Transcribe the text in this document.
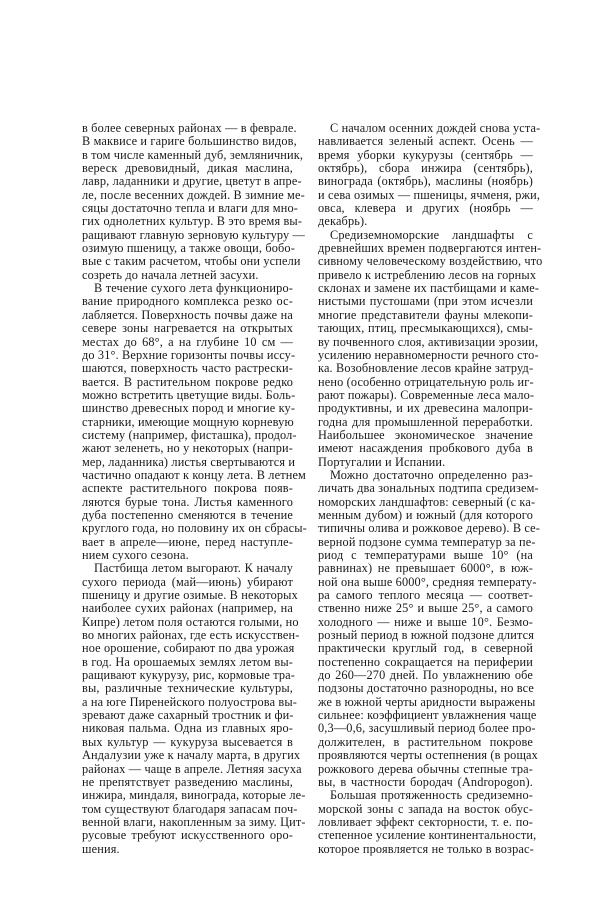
в более северных районах — в феврале.
В маквисе и гариге большинство видов,
в том числе каменный дуб, земляничник,
вереск древовидный, дикая маслина,
лавр, ладанники и другие, цветут в апре-
ле, после весенних дождей. В зимние ме-
сяцы достаточно тепла и влаги для мно-
гих однолетних культур. В это время вы-
ращивают главную зерновую культуру —
озимую пшеницу, а также овощи, бобо-
вые с таким расчетом, чтобы они успели
созреть до начала летней засухи.
В течение сухого лета функциониро-
вание природного комплекса резко ос-
лабляется. Поверхность почвы даже на
севере зоны нагревается на открытых
местах до 68°, а на глубине 10 см —
до 31°. Верхние горизонты почвы иссу-
шаются, поверхность часто растрески-
вается. В растительном покрове редко
можно встретить цветущие виды. Боль-
шинство древесных пород и многие ку-
старники, имеющие мощную корневую
систему (например, фисташка), продол-
жают зеленеть, но у некоторых (напри-
мер, ладанника) листья свертываются и
частично опадают к концу лета. В летнем
аспекте растительного покрова появ-
ляются бурые тона. Листья каменного
дуба постепенно сменяются в течение
круглого года, но половину их он сбрасы-
вает в апреле—июне, перед наступле-
нием сухого сезона.
Пастбища летом выгорают. К началу
сухого периода (май—июнь) убирают
пшеницу и другие озимые. В некоторых
наиболее сухих районах (например, на
Кипре) летом поля остаются голыми, но
во многих районах, где есть искусствен-
ное орошение, собирают по два урожая
в год. На орошаемых землях летом вы-
ращивают кукурузу, рис, кормовые тра-
вы, различные технические культуры,
а на юге Пиренейского полуострова вы-
зревают даже сахарный тростник и фи-
никовая пальма. Одна из главных яро-
вых культур — кукуруза высевается в
Андалузии уже к началу марта, в других
районах — чаще в апреле. Летняя засуха
не препятствует разведению маслины,
инжира, миндаля, винограда, которые ле-
том существуют благодаря запасам поч-
венной влаги, накопленным за зиму. Цит-
русовые требуют искусственного оро-
шения.
С началом осенних дождей снова уста-
навливается зеленый аспект. Осень —
время уборки кукурузы (сентябрь —
октябрь), сбора инжира (сентябрь),
винограда (октябрь), маслины (ноябрь)
и сева озимых — пшеницы, ячменя, ржи,
овса, клевера и других (ноябрь —
декабрь).
Средиземноморские ландшафты с
древнейших времен подвергаются интен-
сивному человеческому воздействию, что
привело к истреблению лесов на горных
склонах и замене их пастбищами и каме-
нистыми пустошами (при этом исчезли
многие представители фауны млекопи-
тающих, птиц, пресмыкающихся), смы-
ву почвенного слоя, активизации эрозии,
усилению неравномерности речного сто-
ка. Возобновление лесов крайне затруд-
нено (особенно отрицательную роль иг-
рают пожары). Современные леса мало-
продуктивны, и их древесина малопри-
годна для промышленной переработки.
Наибольшее экономическое значение
имеют насаждения пробкового дуба в
Португалии и Испании.
Можно достаточно определенно раз-
личать два зональных подтипа средизем-
номорских ландшафтов: северный (с ка-
менным дубом) и южный (для которого
типичны олива и рожковое дерево). В се-
верной подзоне сумма температур за пе-
риод с температурами выше 10° (на
равнинах) не превышает 6000°, в юж-
ной она выше 6000°, средняя температу-
ра самого теплого месяца — соответ-
ственно ниже 25° и выше 25°, а самого
холодного — ниже и выше 10°. Безмо-
розный период в южной подзоне длится
практически круглый год, в северной
постепенно сокращается на периферии
до 260—270 дней. По увлажнению обе
подзоны достаточно разнородны, но все
же в южной черты аридности выражены
сильнее: коэффициент увлажнения чаще
0,3—0,6, засушливый период более про-
должителен, в растительном покрове
проявляются черты остепнения (в рощах
рожкового дерева обычны степные тра-
вы, в частности бородач (Andropogon).
Большая протяженность средиземно-
морской зоны с запада на восток обус-
ловливает эффект секторности, т. е. по-
степенное усиление континентальности,
которое проявляется не только в возрас-
